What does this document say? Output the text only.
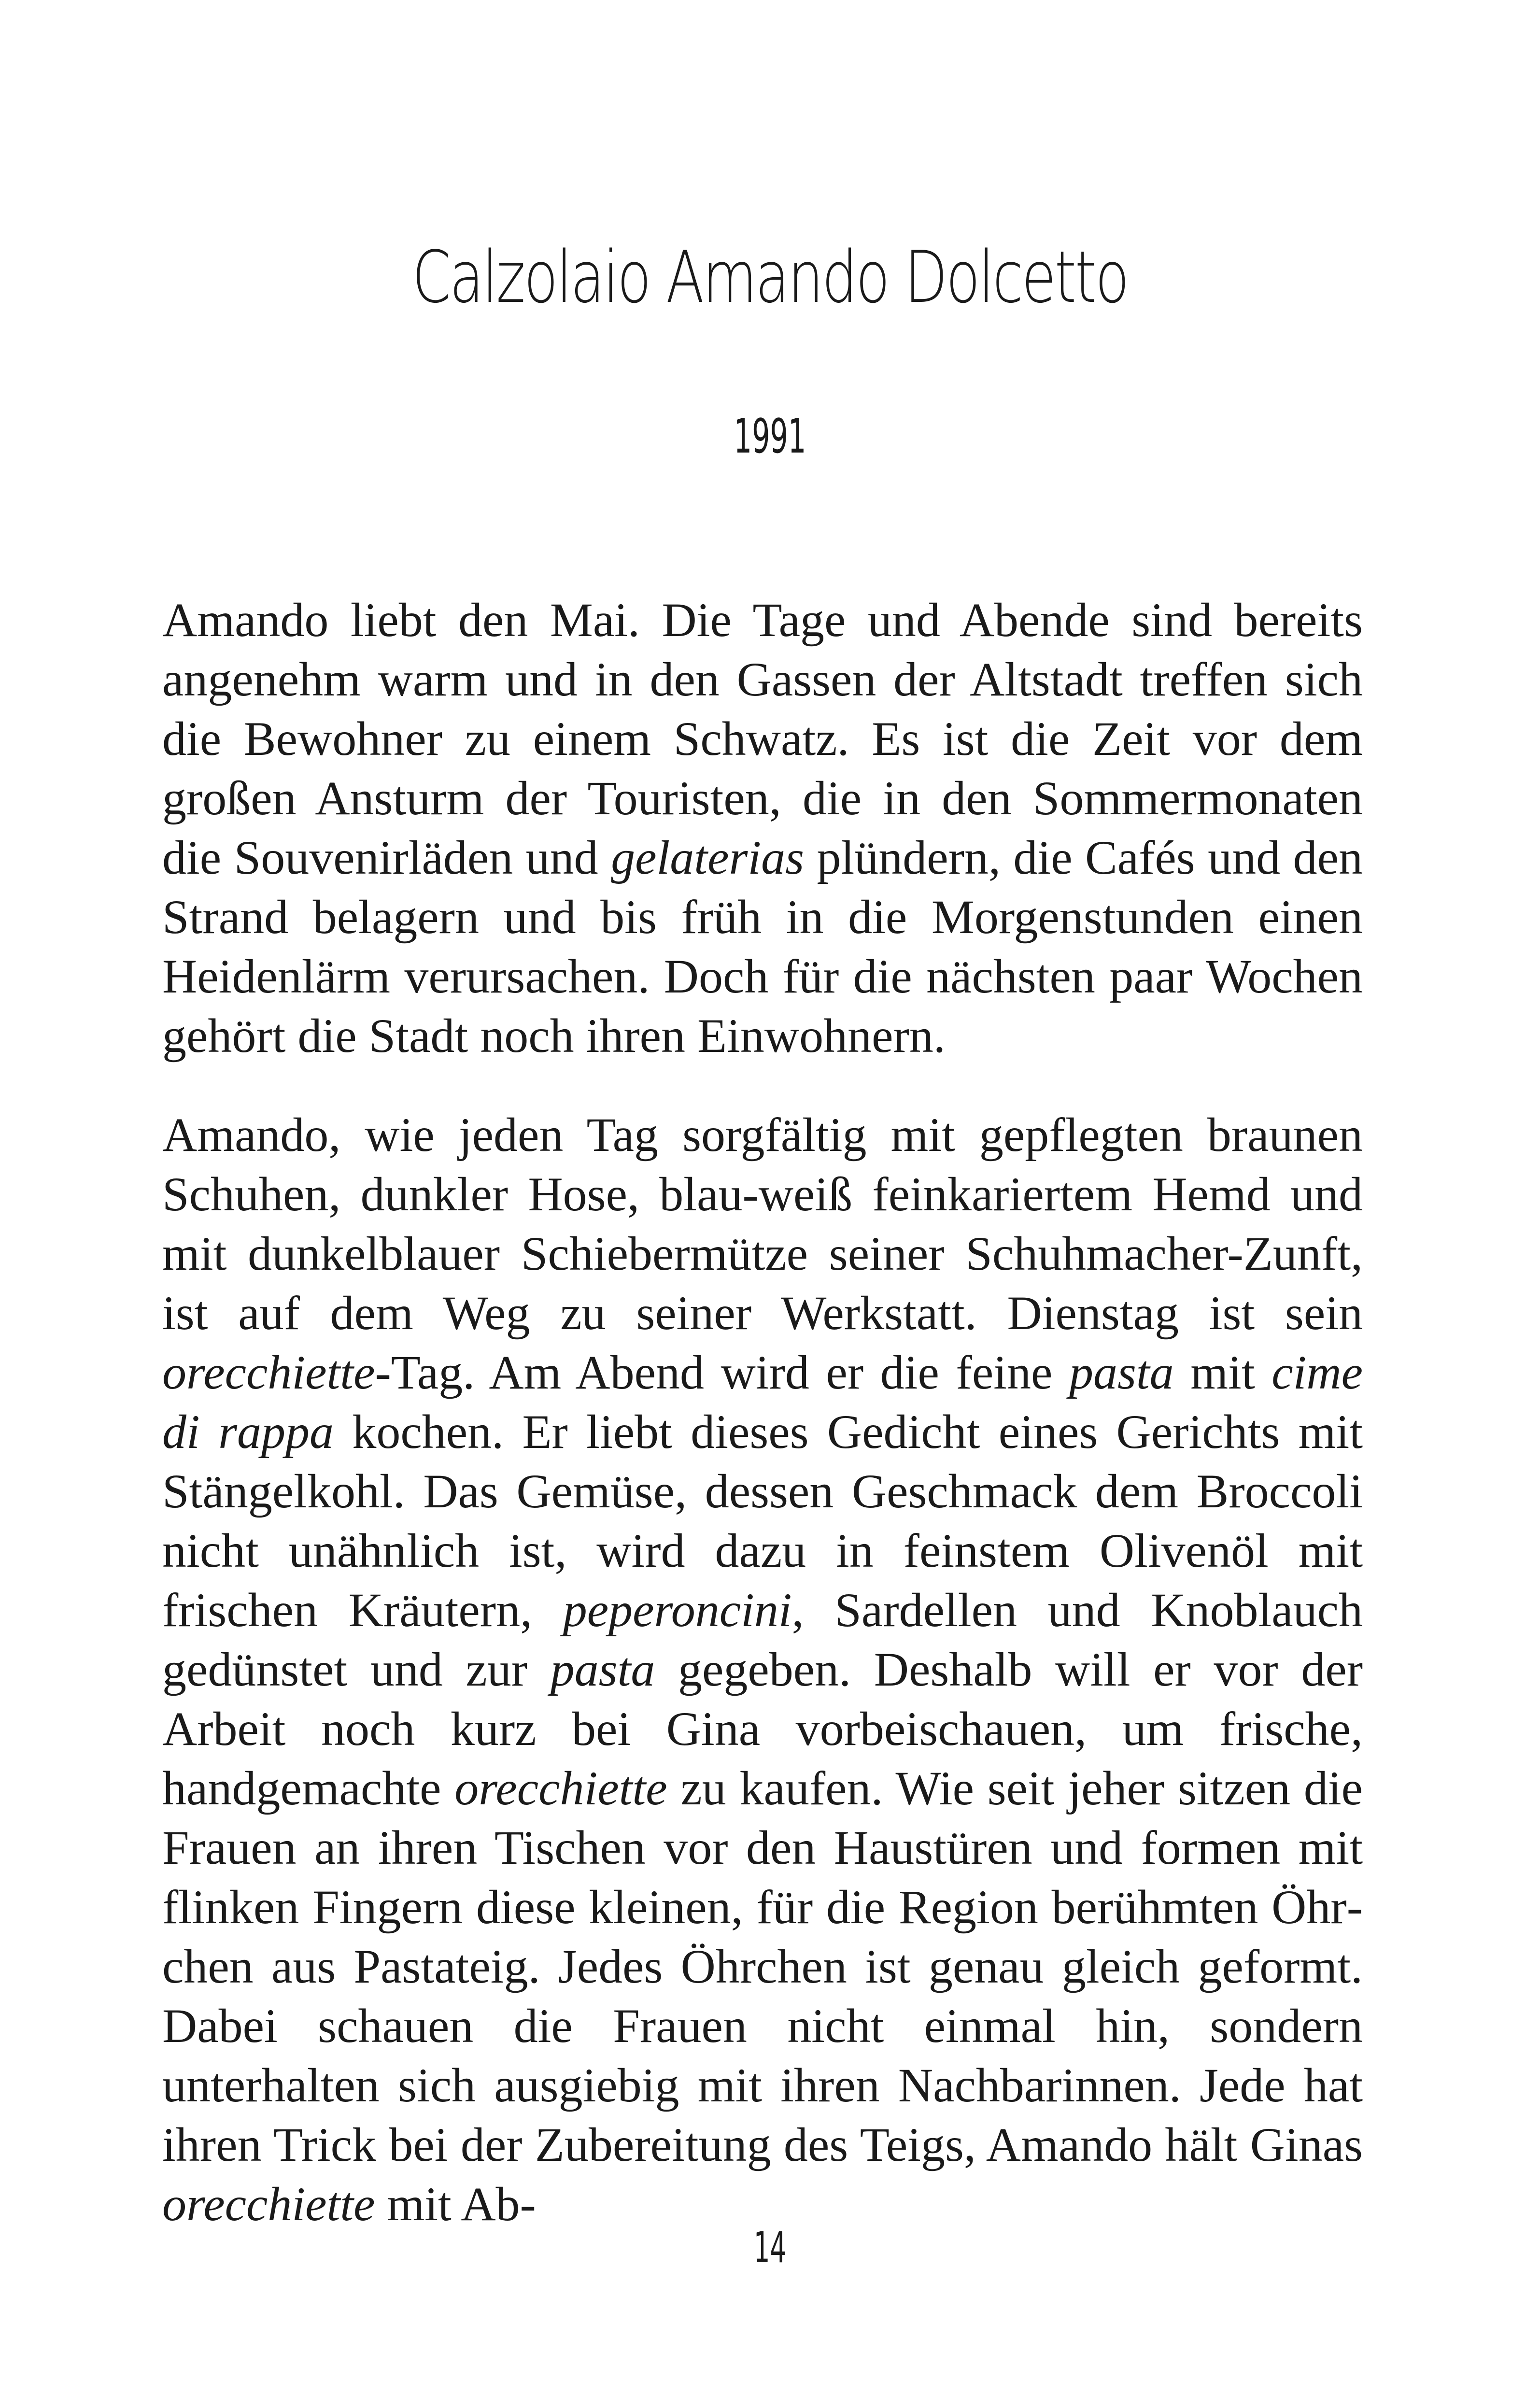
Calzolaio Amando Dolcetto
1991

Amando liebt den Mai. Die Tage und Abende sind bereits angenehm warm und in den Gassen der Altstadt treffen sich die Bewohner zu einem Schwatz. Es ist die Zeit vor dem großen Ansturm der Touristen, die in den Sommermonaten die Souvenirläden und gelaterias plündern, die Cafés und den Strand belagern und bis früh in die Morgenstunden einen Heidenlärm verursachen. Doch für die nächsten paar Wochen gehört die Stadt noch ihren Einwohnern.

Amando, wie jeden Tag sorgfältig mit gepflegten braunen Schuhen, dunkler Hose, blau-weiß feinkariertem Hemd und mit dunkelblauer Schiebermütze seiner Schuhmacher-Zunft, ist auf dem Weg zu seiner Werkstatt. Dienstag ist sein orecchiette-Tag. Am Abend wird er die feine pasta mit cime di rappa kochen. Er liebt dieses Gedicht eines Gerichts mit Stängelkohl. Das Gemüse, dessen Geschmack dem Broccoli nicht unähnlich ist, wird dazu in feinstem Olivenöl mit frischen Kräutern, peperoncini, Sardellen und Knoblauch gedünstet und zur pasta gegeben. Deshalb will er vor der Arbeit noch kurz bei Gina vorbeischauen, um frische, handgemachte orecchiette zu kaufen. Wie seit jeher sitzen die Frauen an ihren Tischen vor den Haustüren und formen mit flinken Fingern diese kleinen, für die Region berühmten Öhrchen aus Pastateig. Jedes Öhrchen ist genau gleich geformt. Dabei schauen die Frauen nicht einmal hin, sondern unterhalten sich ausgiebig mit ihren Nachbarinnen. Jede hat ihren Trick bei der Zubereitung des Teigs, Amando hält Ginas orecchiette mit Ab-

14
